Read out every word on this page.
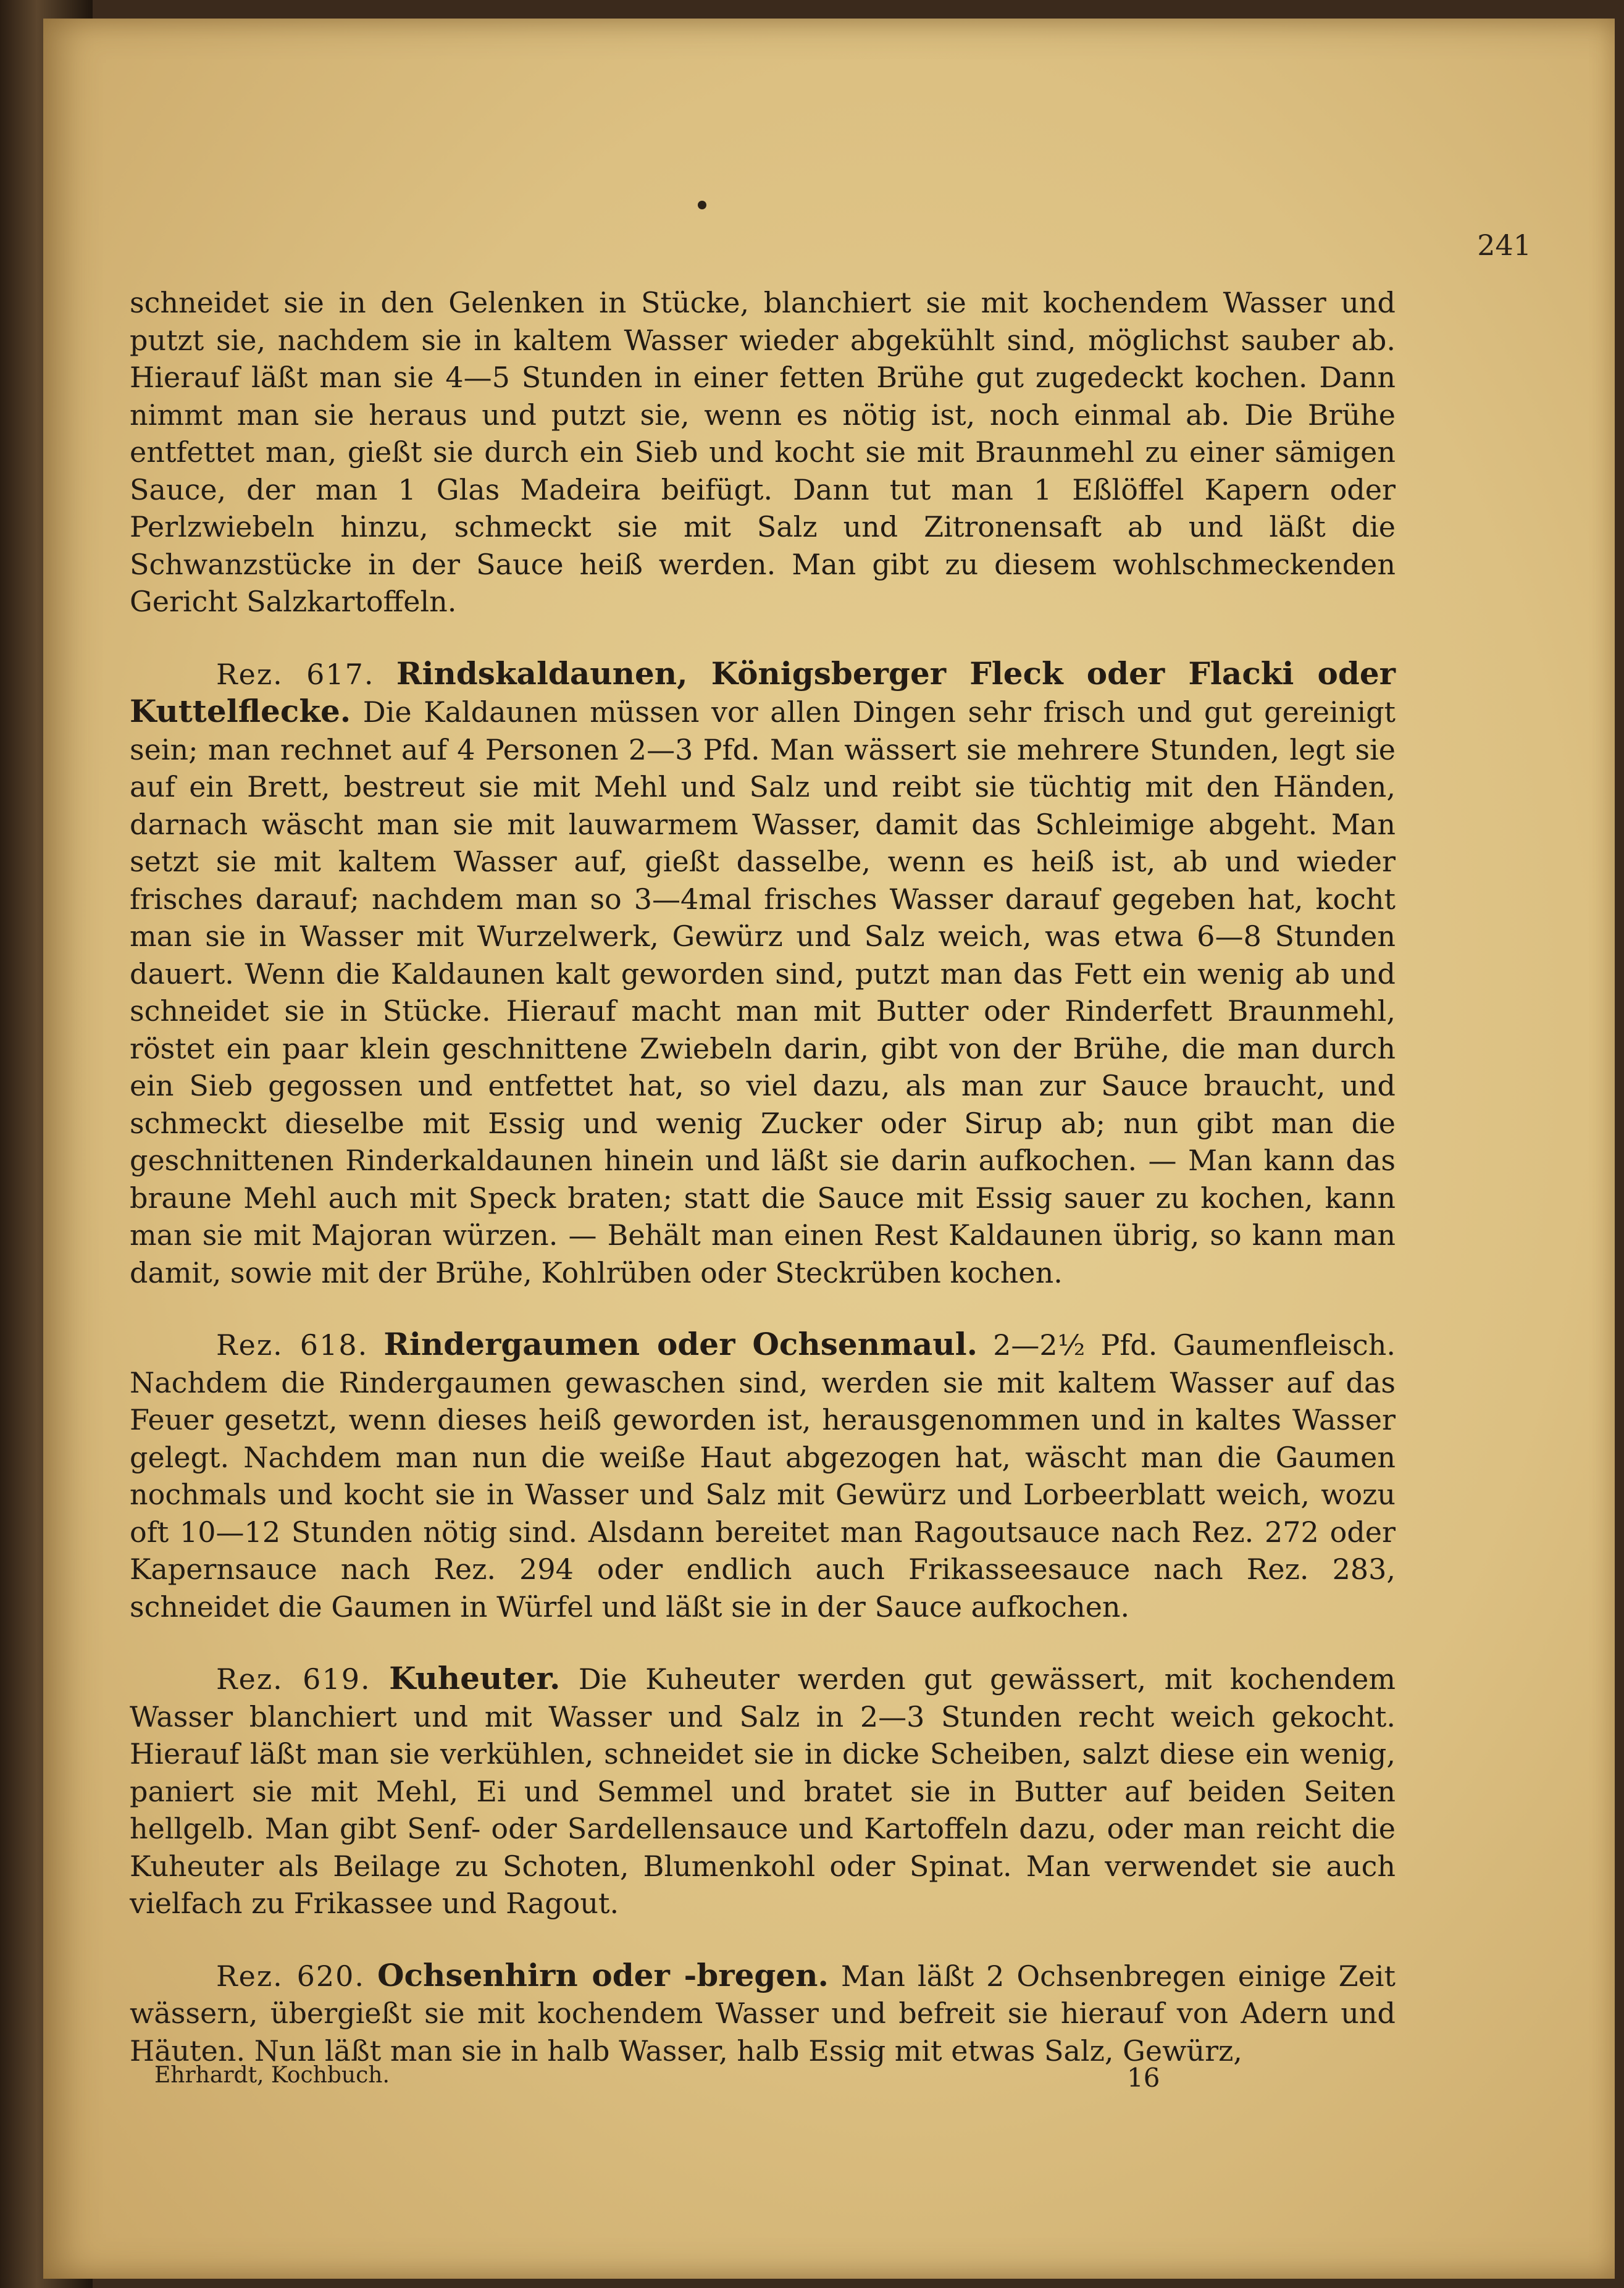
241

schneidet sie in den Gelenken in Stücke, blanchiert sie mit kochendem Wasser und putzt sie, nachdem sie in kaltem Wasser wieder abgekühlt sind, möglichst sauber ab. Hierauf läßt man sie 4—5 Stunden in einer fetten Brühe gut zugedeckt kochen. Dann nimmt man sie heraus und putzt sie, wenn es nötig ist, noch einmal ab. Die Brühe entfettet man, gießt sie durch ein Sieb und kocht sie mit Braunmehl zu einer sämigen Sauce, der man 1 Glas Madeira beifügt. Dann tut man 1 Eßlöffel Kapern oder Perlzwiebeln hinzu, schmeckt sie mit Salz und Zitronensaft ab und läßt die Schwanzstücke in der Sauce heiß werden. Man gibt zu diesem wohlschmeckenden Gericht Salzkartoffeln.

Rez. 617. Rindskaldaunen, Königsberger Fleck oder Flacki oder Kuttelflecke. Die Kaldaunen müssen vor allen Dingen sehr frisch und gut gereinigt sein; man rechnet auf 4 Personen 2—3 Pfd. Man wässert sie mehrere Stunden, legt sie auf ein Brett, bestreut sie mit Mehl und Salz und reibt sie tüchtig mit den Händen, darnach wäscht man sie mit lauwarmem Wasser, damit das Schleimige abgeht. Man setzt sie mit kaltem Wasser auf, gießt dasselbe, wenn es heiß ist, ab und wieder frisches darauf; nachdem man so 3—4mal frisches Wasser darauf gegeben hat, kocht man sie in Wasser mit Wurzelwerk, Gewürz und Salz weich, was etwa 6—8 Stunden dauert. Wenn die Kaldaunen kalt geworden sind, putzt man das Fett ein wenig ab und schneidet sie in Stücke. Hierauf macht man mit Butter oder Rinderfett Braunmehl, röstet ein paar klein geschnittene Zwiebeln darin, gibt von der Brühe, die man durch ein Sieb gegossen und entfettet hat, so viel dazu, als man zur Sauce braucht, und schmeckt dieselbe mit Essig und wenig Zucker oder Sirup ab; nun gibt man die geschnittenen Rinderkaldaunen hinein und läßt sie darin aufkochen. — Man kann das braune Mehl auch mit Speck braten; statt die Sauce mit Essig sauer zu kochen, kann man sie mit Majoran würzen. — Behält man einen Rest Kaldaunen übrig, so kann man damit, sowie mit der Brühe, Kohlrüben oder Steckrüben kochen.

Rez. 618. Rindergaumen oder Ochsenmaul. 2—2½ Pfd. Gaumenfleisch. Nachdem die Rindergaumen gewaschen sind, werden sie mit kaltem Wasser auf das Feuer gesetzt, wenn dieses heiß geworden ist, herausgenommen und in kaltes Wasser gelegt. Nachdem man nun die weiße Haut abgezogen hat, wäscht man die Gaumen nochmals und kocht sie in Wasser und Salz mit Gewürz und Lorbeerblatt weich, wozu oft 10—12 Stunden nötig sind. Alsdann bereitet man Ragoutsauce nach Rez. 272 oder Kapernsauce nach Rez. 294 oder endlich auch Frikasseesauce nach Rez. 283, schneidet die Gaumen in Würfel und läßt sie in der Sauce aufkochen.

Rez. 619. Kuheuter. Die Kuheuter werden gut gewässert, mit kochendem Wasser blanchiert und mit Wasser und Salz in 2—3 Stunden recht weich gekocht. Hierauf läßt man sie verkühlen, schneidet sie in dicke Scheiben, salzt diese ein wenig, paniert sie mit Mehl, Ei und Semmel und bratet sie in Butter auf beiden Seiten hellgelb. Man gibt Senf- oder Sardellensauce und Kartoffeln dazu, oder man reicht die Kuheuter als Beilage zu Schoten, Blumenkohl oder Spinat. Man verwendet sie auch vielfach zu Frikassee und Ragout.

Rez. 620. Ochsenhirn oder -bregen. Man läßt 2 Ochsenbregen einige Zeit wässern, übergießt sie mit kochendem Wasser und befreit sie hierauf von Adern und Häuten. Nun läßt man sie in halb Wasser, halb Essig mit etwas Salz, Gewürz,

Ehrhardt, Kochbuch.	16
